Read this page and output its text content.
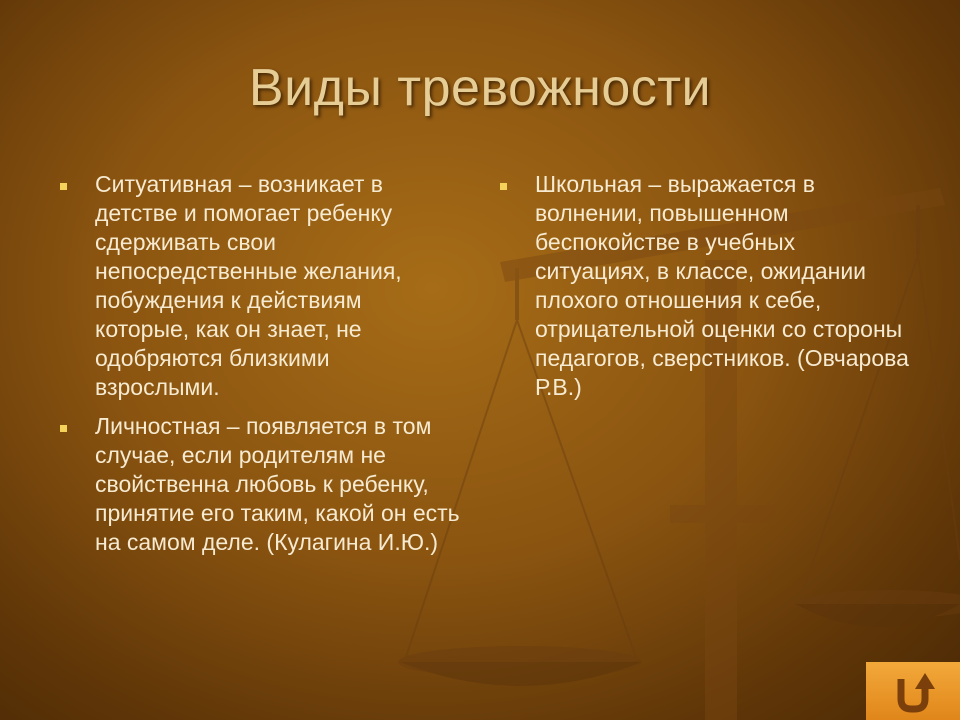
Виды тревожности
Ситуативная – возникает в детстве и помогает ребенку сдерживать свои непосредственные желания, побуждения к действиям которые, как он знает, не одобряются близкими взрослыми.
Личностная – появляется в том случае, если родителям не свойственна любовь к ребенку, принятие его таким, какой он есть на самом деле. (Кулагина И.Ю.)
Школьная – выражается в волнении, повышенном беспокойстве в учебных ситуациях, в классе, ожидании плохого отношения к себе, отрицательной оценки со стороны педагогов, сверстников. (Овчарова Р.В.)
